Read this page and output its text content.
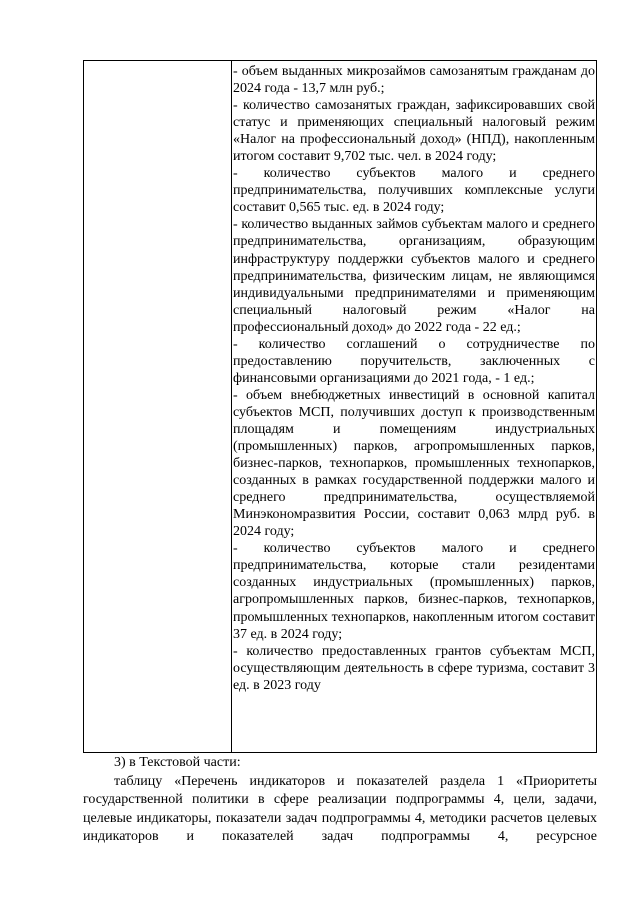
- объем выданных микрозаймов самозанятым гражданам до 2024 года - 13,7 млн руб.;

- количество самозанятых граждан, зафиксировавших свой статус и применяющих специальный налоговый режим «Налог на профессиональный доход» (НПД), накопленным итогом составит 9,702 тыс. чел. в 2024 году;

- количество субъектов малого и среднего предпринимательства, получивших комплексные услуги составит 0,565 тыс. ед. в 2024 году;

- количество выданных займов субъектам малого и среднего предпринимательства, организациям, образующим инфраструктуру поддержки субъектов малого и среднего предпринимательства, физическим лицам, не являющимся индивидуальными предпринимателями и применяющим специальный налоговый режим «Налог на профессиональный доход» до 2022 года - 22 ед.;

- количество соглашений о сотрудничестве по предоставлению поручительств, заключенных с финансовыми организациями до 2021 года, - 1 ед.;

- объем внебюджетных инвестиций в основной капитал субъектов МСП, получивших доступ к производственным площадям и помещениям индустриальных (промышленных) парков, агропромышленных парков, бизнес-парков, технопарков, промышленных технопарков, созданных в рамках государственной поддержки малого и среднего предпринимательства, осуществляемой Минэкономразвития России, составит 0,063 млрд руб. в 2024 году;

- количество субъектов малого и среднего предпринимательства, которые стали резидентами созданных индустриальных (промышленных) парков, агропромышленных парков, бизнес-парков, технопарков, промышленных технопарков, накопленным итогом составит 37 ед. в 2024 году;

- количество предоставленных грантов субъектам МСП, осуществляющим деятельность в сфере туризма, составит 3 ед. в 2023 году

3) в Текстовой части:

таблицу «Перечень индикаторов и показателей раздела 1 «Приоритеты государственной политики в сфере реализации подпрограммы 4, цели, задачи, целевые индикаторы, показатели задач подпрограммы 4, методики расчетов целевых индикаторов и показателей задач подпрограммы 4, ресурсное
